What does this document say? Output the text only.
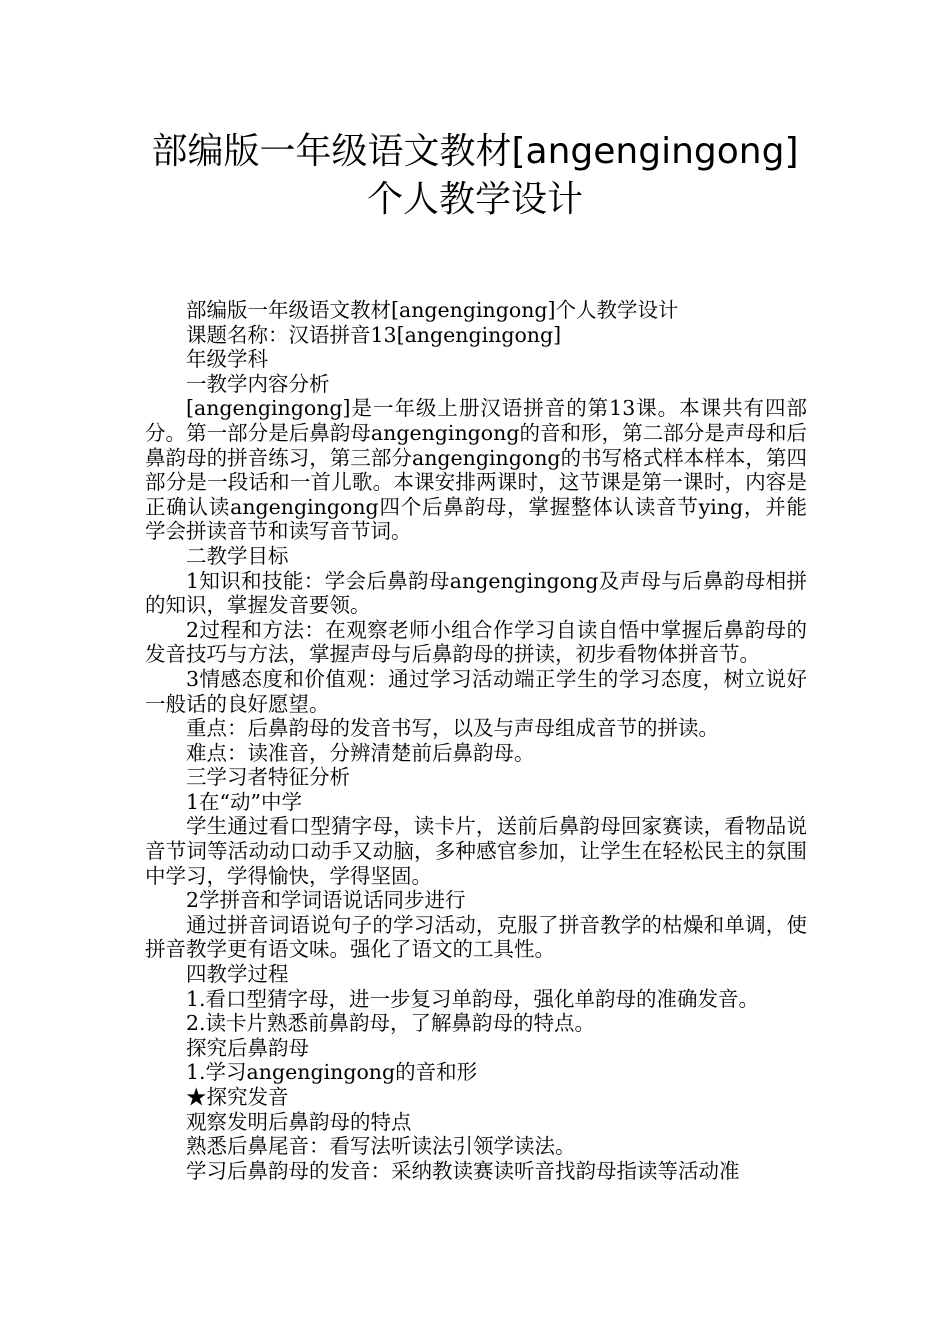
部编版一年级语文教材[angengingong]
个人教学设计

部编版一年级语文教材[angengingong]个人教学设计

课题名称：汉语拼音13[angengingong]

年级学科

一教学内容分析

[angengingong]是一年级上册汉语拼音的第13课。本课共有四部分。第一部分是后鼻韵母angengingong的音和形，第二部分是声母和后鼻韵母的拼音练习，第三部分angengingong的书写格式样本样本，第四部分是一段话和一首儿歌。本课安排两课时，这节课是第一课时，内容是正确认读angengingong四个后鼻韵母，掌握整体认读音节ying，并能学会拼读音节和读写音节词。

二教学目标

1知识和技能：学会后鼻韵母angengingong及声母与后鼻韵母相拼的知识，掌握发音要领。

2过程和方法：在观察老师小组合作学习自读自悟中掌握后鼻韵母的发音技巧与方法，掌握声母与后鼻韵母的拼读，初步看物体拼音节。

3情感态度和价值观：通过学习活动端正学生的学习态度，树立说好一般话的良好愿望。

重点：后鼻韵母的发音书写，以及与声母组成音节的拼读。

难点：读准音，分辨清楚前后鼻韵母。

三学习者特征分析

1在“动”中学

学生通过看口型猜字母，读卡片，送前后鼻韵母回家赛读，看物品说音节词等活动动口动手又动脑，多种感官参加，让学生在轻松民主的氛围中学习，学得愉快，学得坚固。

2学拼音和学词语说话同步进行

通过拼音词语说句子的学习活动，克服了拼音教学的枯燥和单调，使拼音教学更有语文味。强化了语文的工具性。

四教学过程

1.看口型猜字母，进一步复习单韵母，强化单韵母的准确发音。

2.读卡片熟悉前鼻韵母，了解鼻韵母的特点。

探究后鼻韵母

1.学习angengingong的音和形

★探究发音

观察发明后鼻韵母的特点

熟悉后鼻尾音：看写法听读法引领学读法。

学习后鼻韵母的发音：采纳教读赛读听音找韵母指读等活动准
